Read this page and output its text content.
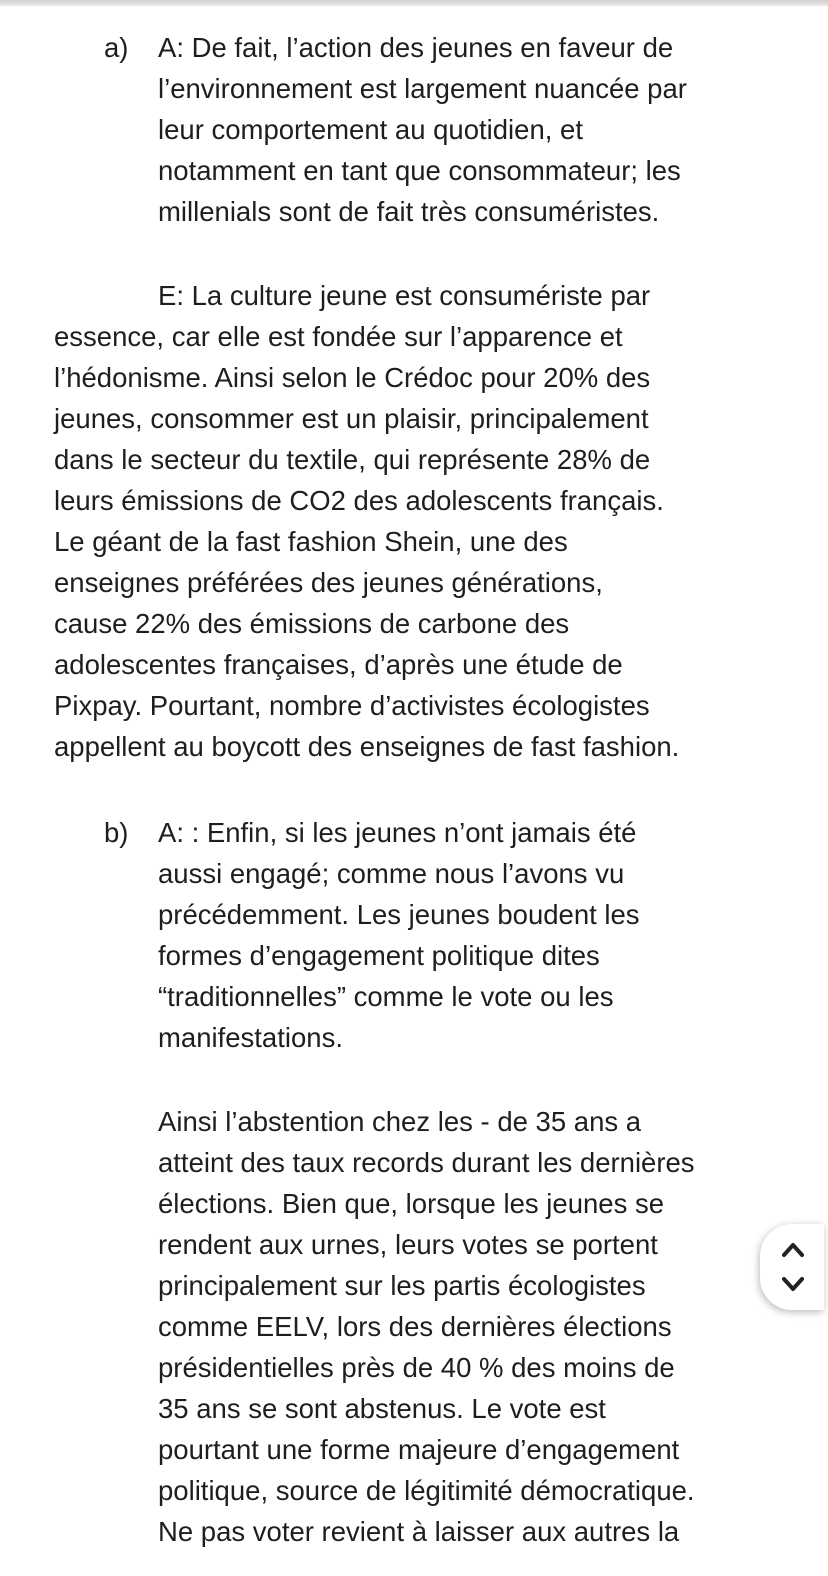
a) A: De fait, l’action des jeunes en faveur de
l’environnement est largement nuancée par
leur comportement au quotidien, et
notamment en tant que consommateur; les
millenials sont de fait très consuméristes.
E: La culture jeune est consumériste par
essence, car elle est fondée sur l’apparence et
l’hédonisme. Ainsi selon le Crédoc pour 20% des
jeunes, consommer est un plaisir, principalement
dans le secteur du textile, qui représente 28% de
leurs émissions de CO2 des adolescents français.
Le géant de la fast fashion Shein, une des
enseignes préférées des jeunes générations,
cause 22% des émissions de carbone des
adolescentes françaises, d’après une étude de
Pixpay. Pourtant, nombre d’activistes écologistes
appellent au boycott des enseignes de fast fashion.
b) A: : Enfin, si les jeunes n’ont jamais été
aussi engagé; comme nous l’avons vu
précédemment. Les jeunes boudent les
formes d’engagement politique dites
“traditionnelles” comme le vote ou les
manifestations.
Ainsi l’abstention chez les - de 35 ans a
atteint des taux records durant les dernières
élections. Bien que, lorsque les jeunes se
rendent aux urnes, leurs votes se portent
principalement sur les partis écologistes
comme EELV, lors des dernières élections
présidentielles près de 40 % des moins de
35 ans se sont abstenus. Le vote est
pourtant une forme majeure d’engagement
politique, source de légitimité démocratique.
Ne pas voter revient à laisser aux autres la
